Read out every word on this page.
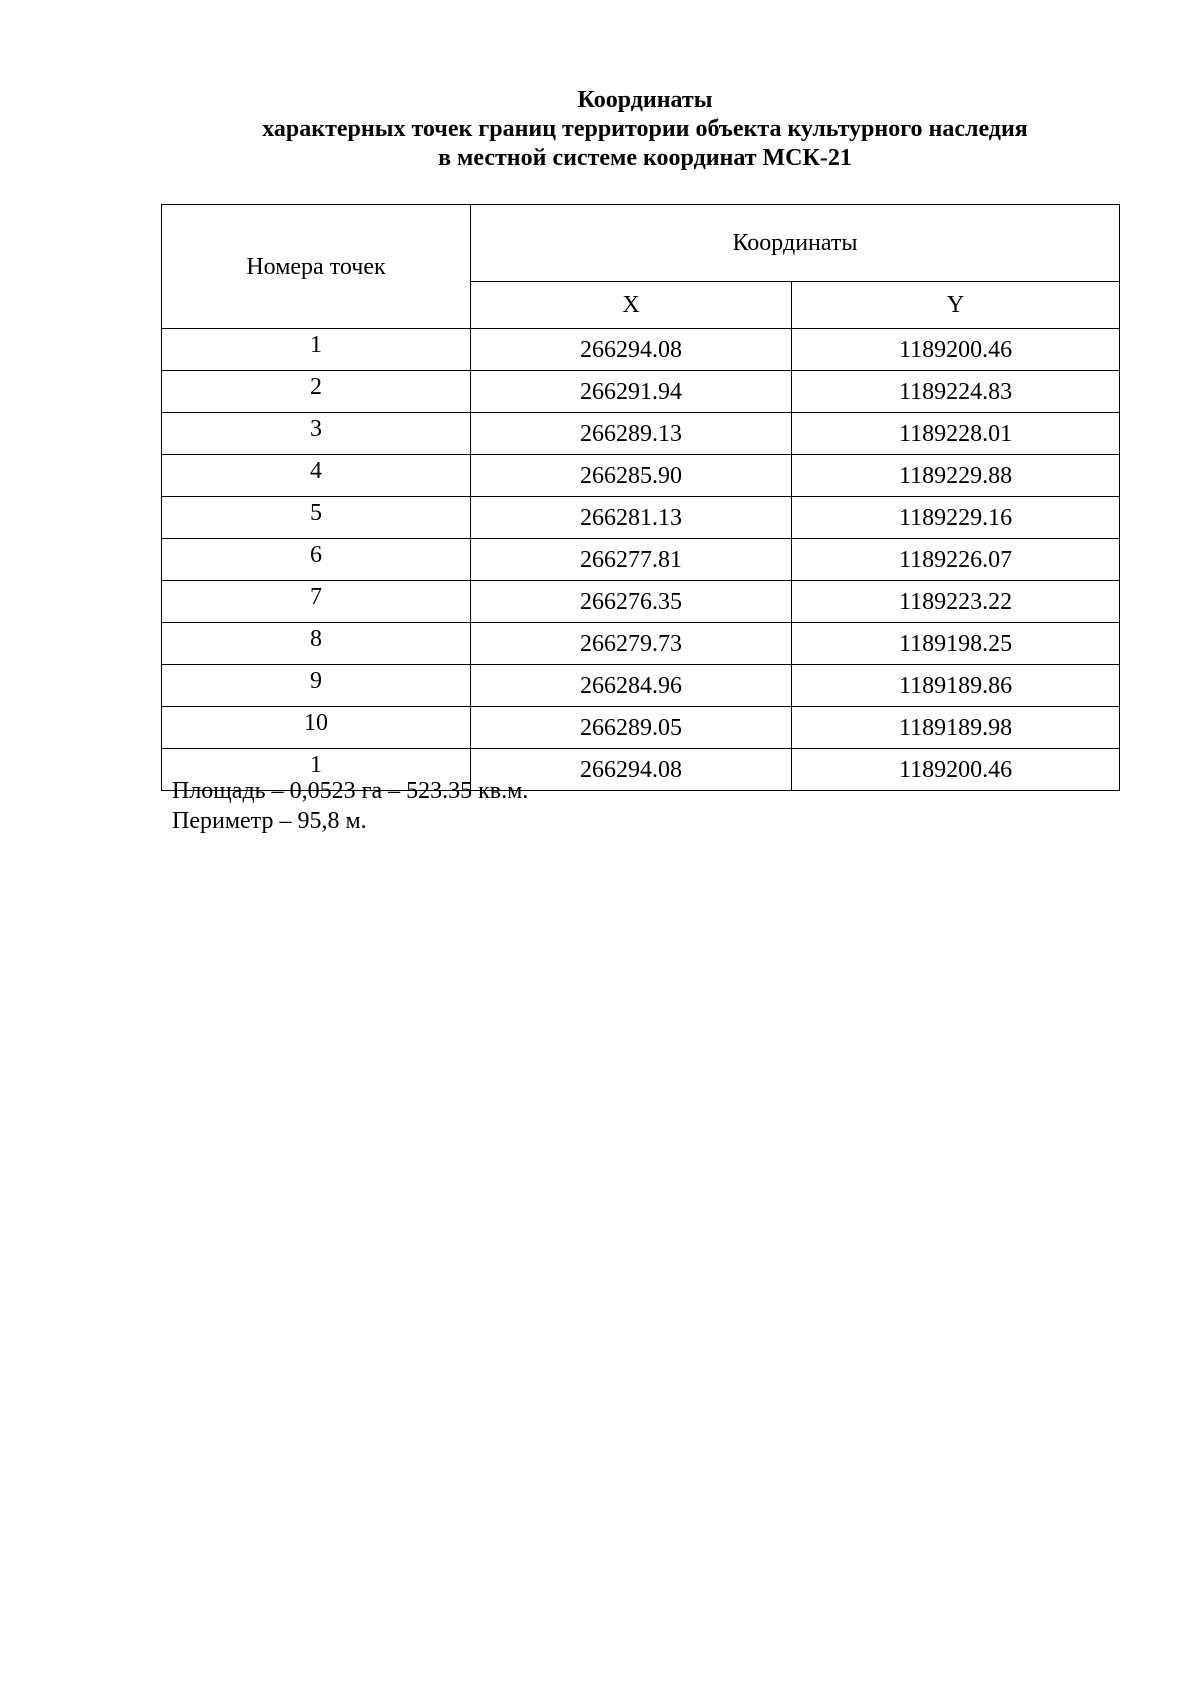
Координаты
характерных точек границ территории объекта культурного наследия
в местной системе координат МСК-21
Номера точек	Координаты	
	X	Y
1	266294.08	1189200.46
2	266291.94	1189224.83
3	266289.13	1189228.01
4	266285.90	1189229.88
5	266281.13	1189229.16
6	266277.81	1189226.07
7	266276.35	1189223.22
8	266279.73	1189198.25
9	266284.96	1189189.86
10	266289.05	1189189.98
1	266294.08	1189200.46
Площадь – 0,0523 га – 523.35 кв.м.
Периметр – 95,8 м.
